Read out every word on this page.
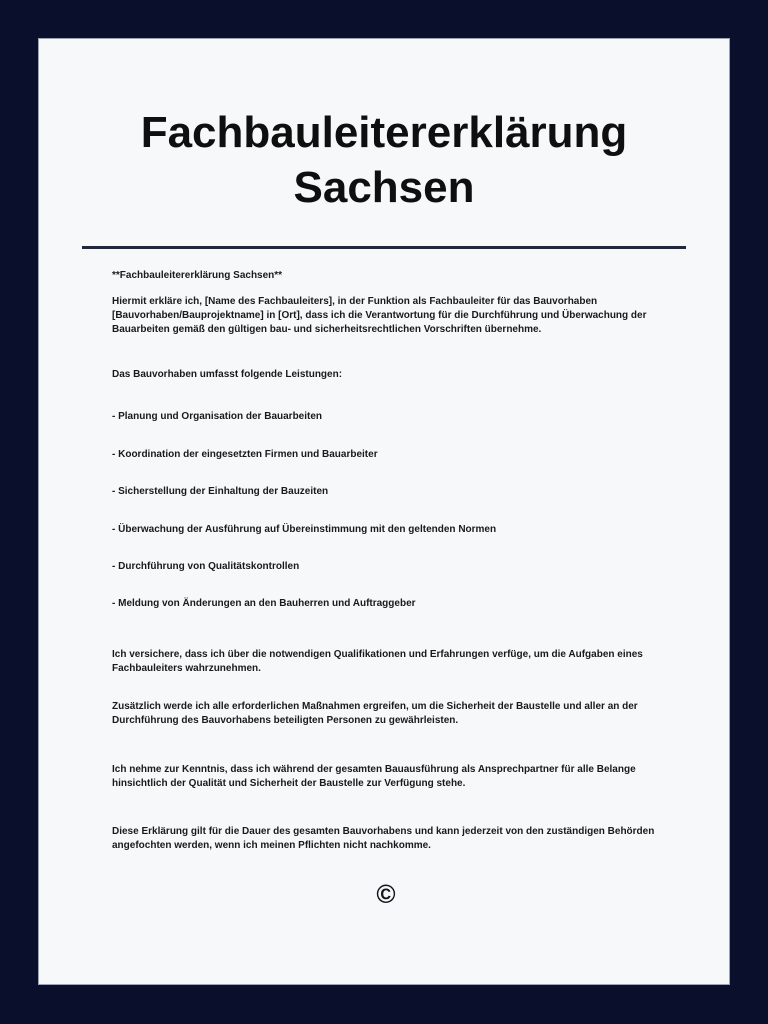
Fachbauleitererklärung
Sachsen

**Fachbauleitererklärung Sachsen**

Hiermit erkläre ich, [Name des Fachbauleiters], in der Funktion als Fachbauleiter für das Bauvorhaben [Bauvorhaben/Bauprojektname] in [Ort], dass ich die Verantwortung für die Durchführung und Überwachung der Bauarbeiten gemäß den gültigen bau- und sicherheitsrechtlichen Vorschriften übernehme.

Das Bauvorhaben umfasst folgende Leistungen:

- Planung und Organisation der Bauarbeiten

- Koordination der eingesetzten Firmen und Bauarbeiter

- Sicherstellung der Einhaltung der Bauzeiten

- Überwachung der Ausführung auf Übereinstimmung mit den geltenden Normen

- Durchführung von Qualitätskontrollen

- Meldung von Änderungen an den Bauherren und Auftraggeber

Ich versichere, dass ich über die notwendigen Qualifikationen und Erfahrungen verfüge, um die Aufgaben eines Fachbauleiters wahrzunehmen.

Zusätzlich werde ich alle erforderlichen Maßnahmen ergreifen, um die Sicherheit der Baustelle und aller an der Durchführung des Bauvorhabens beteiligten Personen zu gewährleisten.

Ich nehme zur Kenntnis, dass ich während der gesamten Bauausführung als Ansprechpartner für alle Belange hinsichtlich der Qualität und Sicherheit der Baustelle zur Verfügung stehe.

Diese Erklärung gilt für die Dauer des gesamten Bauvorhabens und kann jederzeit von den zuständigen Behörden angefochten werden, wenn ich meinen Pflichten nicht nachkomme.

©
